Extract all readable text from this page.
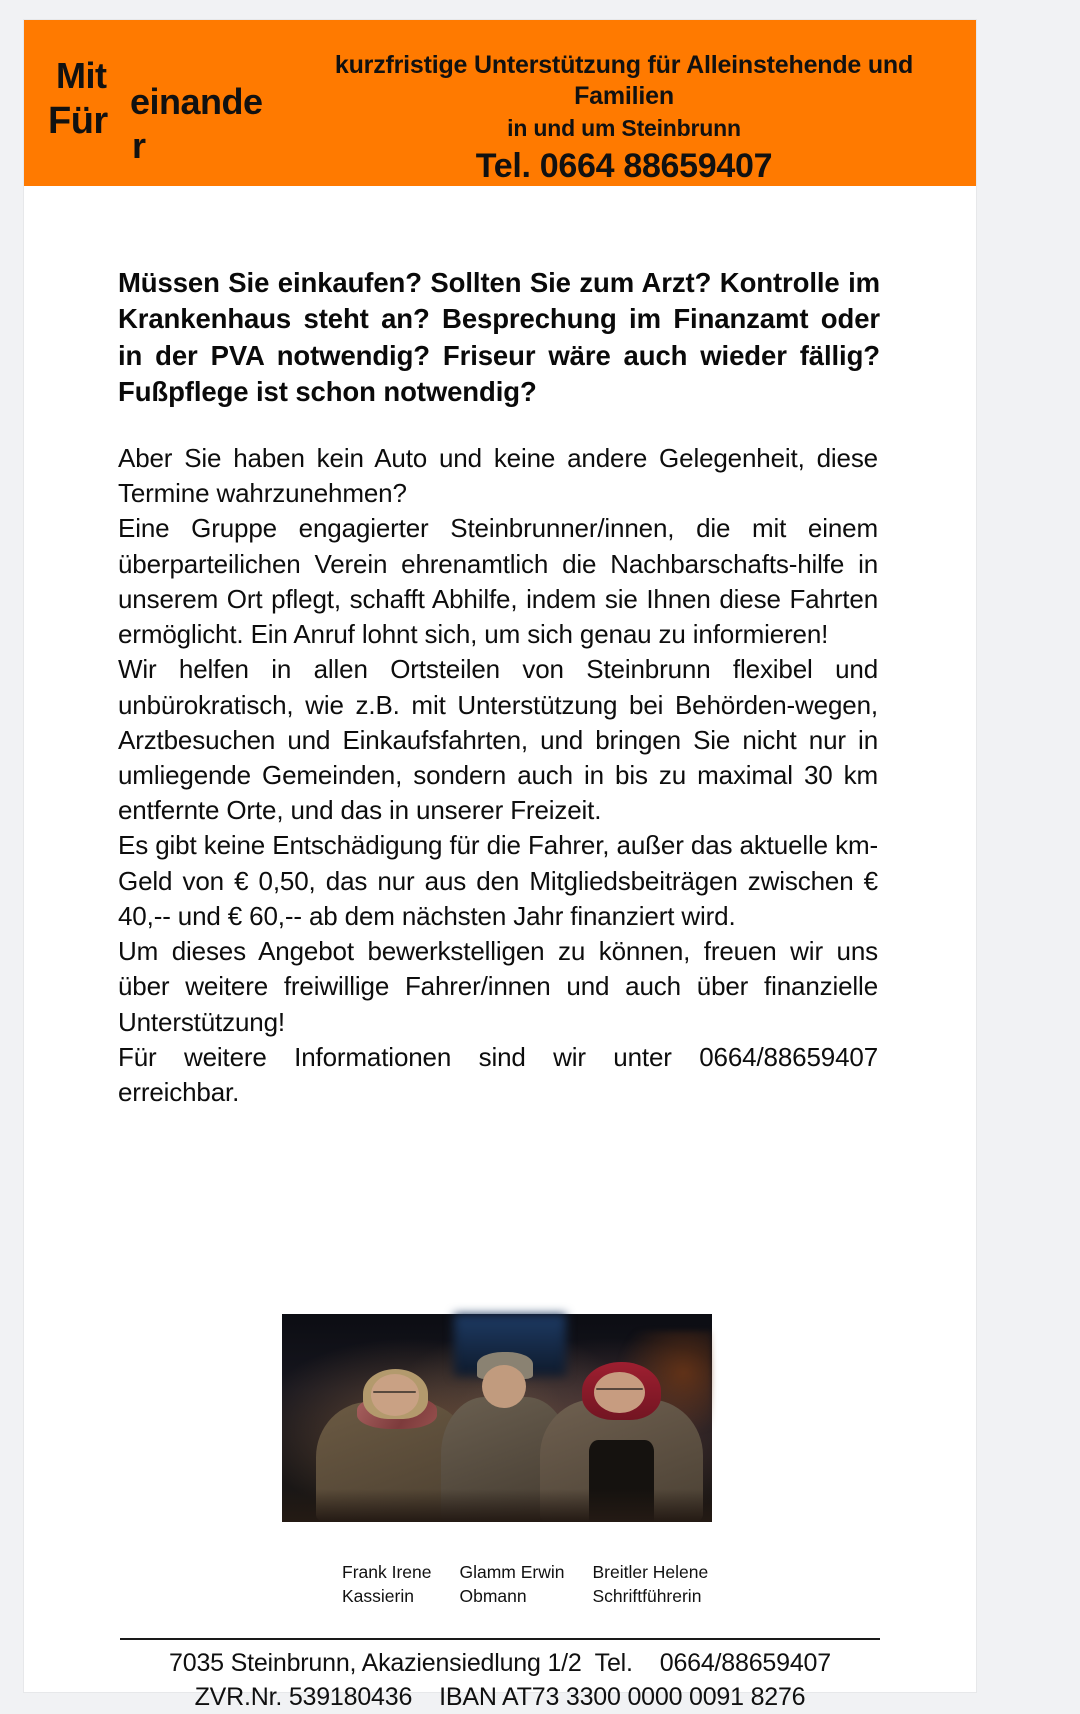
Mit
Für einande
r
kurzfristige Unterstützung für Alleinstehende und Familien
in und um Steinbrunn
Tel. 0664 88659407
Müssen Sie einkaufen? Sollten Sie zum Arzt? Kontrolle im Krankenhaus steht an? Besprechung im Finanzamt oder in der PVA notwendig? Friseur wäre auch wieder fällig? Fußpflege ist schon notwendig?

Aber Sie haben kein Auto und keine andere Gelegenheit, diese Termine wahrzunehmen?

Eine Gruppe engagierter Steinbrunner/innen, die mit einem überparteilichen Verein ehrenamtlich die Nachbarschafts-hilfe in unserem Ort pflegt, schafft Abhilfe, indem sie Ihnen diese Fahrten ermöglicht. Ein Anruf lohnt sich, um sich genau zu informieren!

Wir helfen in allen Ortsteilen von Steinbrunn flexibel und unbürokratisch, wie z.B. mit Unterstützung bei Behörden-wegen, Arztbesuchen und Einkaufsfahrten, und bringen Sie nicht nur in umliegende Gemeinden, sondern auch in bis zu maximal 30 km entfernte Orte, und das in unserer Freizeit.

Es gibt keine Entschädigung für die Fahrer, außer das aktuelle km-Geld von € 0,50, das nur aus den Mitgliedsbeiträgen zwischen € 40,-- und € 60,-- ab dem nächsten Jahr finanziert wird.

Um dieses Angebot bewerkstelligen zu können, freuen wir uns über weitere freiwillige Fahrer/innen und auch über finanzielle Unterstützung!

Für weitere Informationen sind wir unter 0664/88659407 erreichbar.

Frank Irene
Kassierin
Glamm Erwin
Obmann
Breitler Helene
Schriftführerin
7035 Steinbrunn, Akaziensiedlung 1/2  Tel.    0664/88659407
ZVR.Nr. 539180436    IBAN AT73 3300 0000 0091 8276
